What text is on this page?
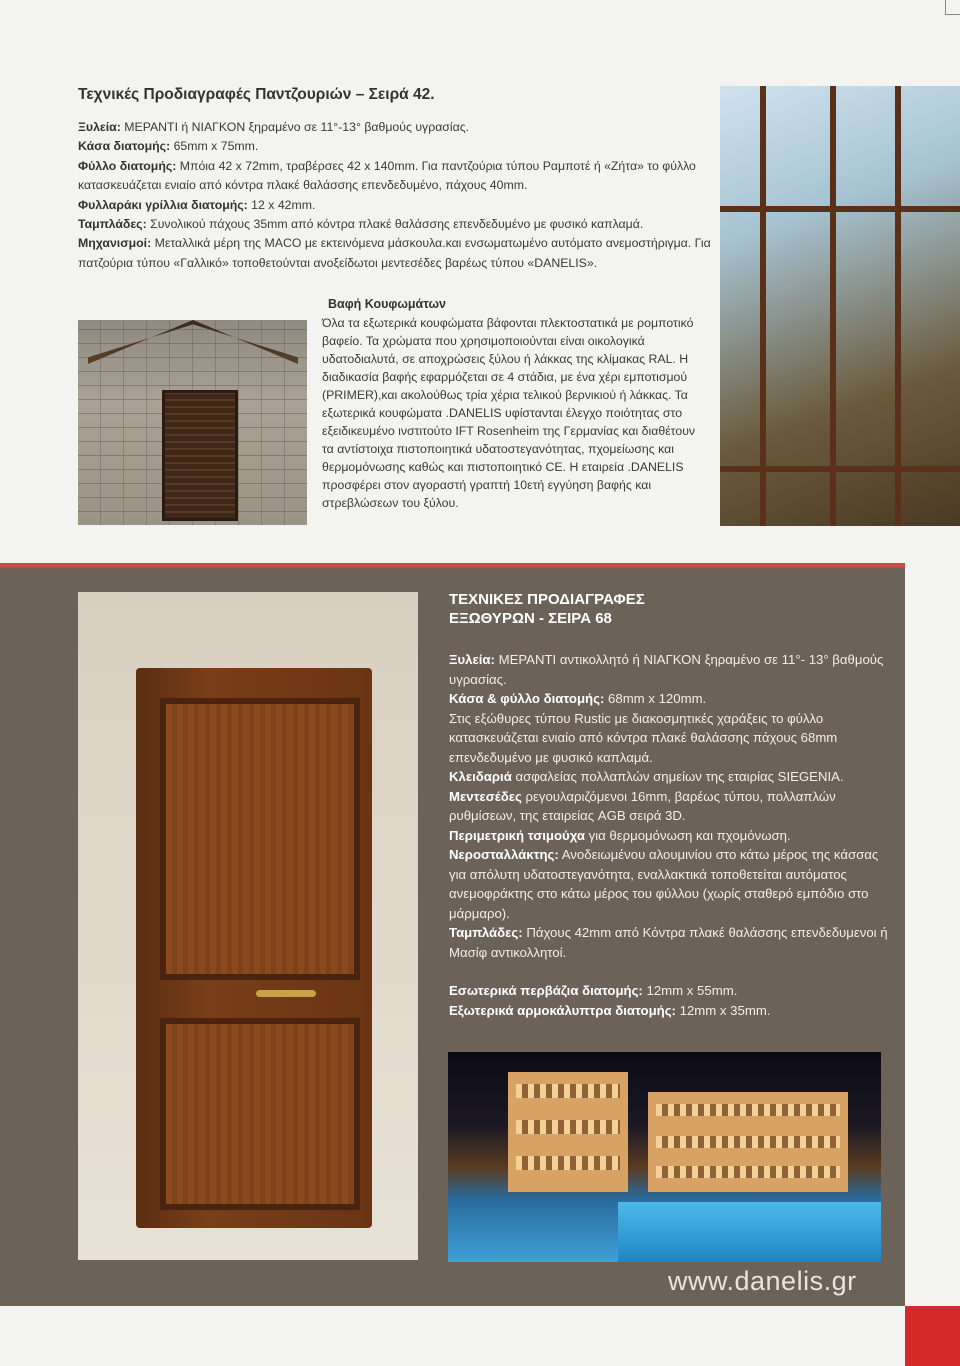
Τεχνικές Προδιαγραφές Παντζουριών – Σειρά 42.

Ξυλεία: ΜΕΡΑΝΤΙ ή ΝΙΑΓΚΟΝ ξηραμένο σε 11°-13° βαθμούς υγρασίας.

Κάσα διατομής: 65mm x 75mm.

Φύλλο διατομής: Μπόια 42 x 72mm, τραβέρσες 42 x 140mm. Για παντζούρια τύπου Ραμποτέ ή «Ζήτα» το φύλλο κατασκευάζεται ενιαίο από κόντρα πλακέ θαλάσσης επενδεδυμένο, πάχους 40mm.

Φυλλαράκι γρίλλια διατομής: 12 x 42mm.

Ταμπλάδες: Συνολικού πάχους 35mm από κόντρα πλακέ θαλάσσης επενδεδυμένο με φυσικό καπλαμά.

Μηχανισμοί: Μεταλλικά μέρη της MACO με εκτεινόμενα μάσκουλα.και ενσωματωμένο αυτόματο ανεμοστήριγμα. Για πατζούρια τύπου «Γαλλικό» τοποθετούνται ανοξείδωτοι μεντεσέδες βαρέως τύπου «DANELIS».

Βαφή Κουφωμάτων

Όλα τα εξωτερικά κουφώματα βάφονται πλεκτοστατικά με ρομποτικό βαφείο. Τα χρώματα που χρησιμοποιούνται είναι οικολογικά υδατοδιαλυτά, σε αποχρώσεις ξύλου ή λάκκας της κλίμακας RAL. Η διαδικασία βαφής εφαρμόζεται σε 4 στάδια, με ένα χέρι εμποτισμού (PRIMER),και ακολούθως τρία χέρια τελικού βερνικιού ή λάκκας. Τα εξωτερικά κουφώματα .DANELIS υφίστανται έλεγχο ποιότητας στο εξειδικευμένο ινστιτούτο IFT Rosenheim της Γερμανίας και διαθέτουν τα αντίστοιχα πιστοποιητικά υδατοστεγανότητας, πχομείωσης και θερμομόνωσης καθώς και πιστοποιητικό CE. Η εταιρεία .DANELIS προσφέρει στον αγοραστή γραπτή 10ετή εγγύηση βαφής και στρεβλώσεων του ξύλου.

ΤΕΧΝΙΚΕΣ ΠΡΟΔΙΑΓΡΑΦΕΣ
ΕΞΩΘΥΡΩΝ - ΣΕΙΡΑ 68

Ξυλεία: ΜΕΡΑΝΤΙ αντικολλητό ή ΝΙΑΓΚΟΝ ξηραμένο σε 11°- 13° βαθμούς υγρασίας.

Κάσα & φύλλο διατομής: 68mm x 120mm.

Στις εξώθυρες τύπου Rustic με διακοσμητικές χαράξεις το φύλλο κατασκευάζεται ενιαίο από κόντρα πλακέ θαλάσσης πάχους 68mm επενδεδυμένο με φυσικό καπλαμά.

Κλειδαριά ασφαλείας πολλαπλών σημείων της εταιρίας SIEGENIA.

Μεντεσέδες ρεγουλαριζόμενοι 16mm, βαρέως τύπου, πολλαπλών ρυθμίσεων, της εταιρείας AGB σειρά 3D.

Περιμετρική τσιμούχα για θερμομόνωση και πχομόνωση.

Νεροσταλλάκτης: Ανοδειωμένου αλουμινίου στο κάτω μέρος της κάσσας για απόλυτη υδατοστεγανότητα, εναλλακτικά τοποθετείται αυτόματος ανεμοφράκτης στο κάτω μέρος του φύλλου (χωρίς σταθερό εμπόδιο στο μάρμαρο).

Ταμπλάδες: Πάχους 42mm από Κόντρα πλακέ θαλάσσης επενδεδυμενοι ή Μασίφ αντικολλητοί.

Εσωτερικά περβάζια διατομής: 12mm x 55mm.

Εξωτερικά αρμοκάλυπτρα διατομής: 12mm x 35mm.

www.danelis.gr
